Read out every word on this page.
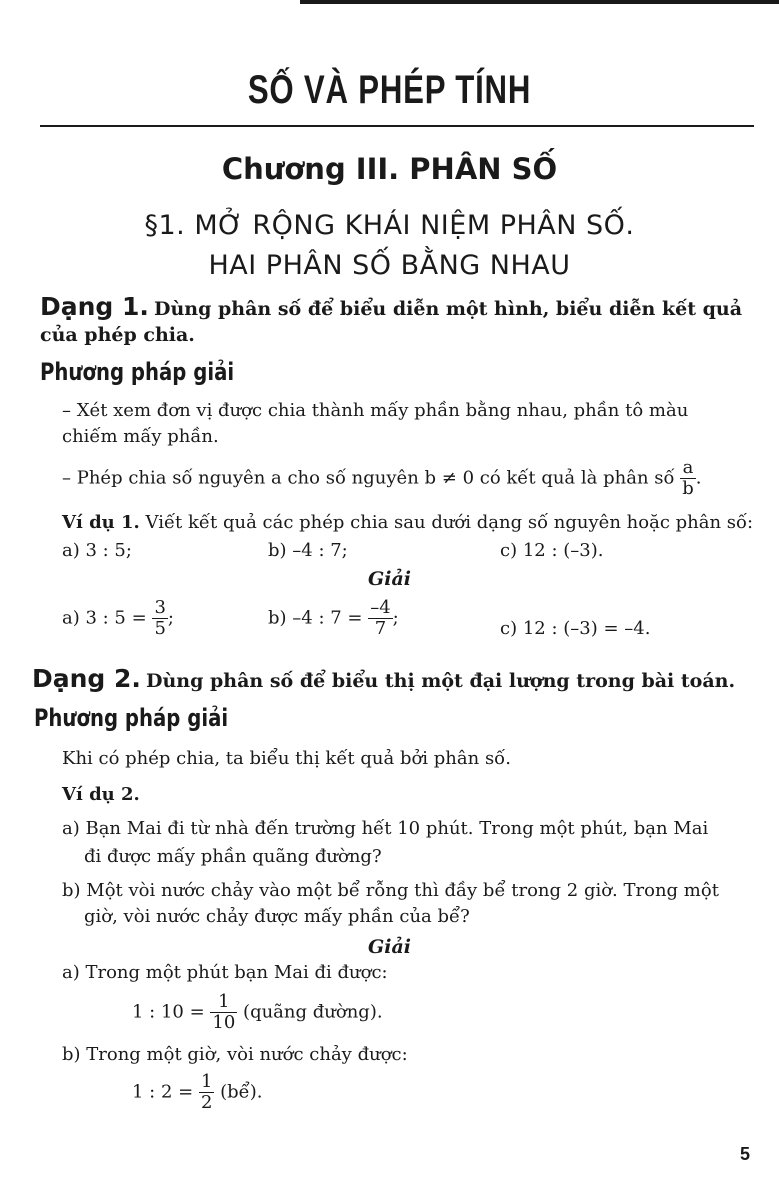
SỐ VÀ PHÉP TÍNH
Chương III. PHÂN SỐ
§1. MỞ RỘNG KHÁI NIỆM PHÂN SỐ.
HAI PHÂN SỐ BẰNG NHAU
Dạng 1. Dùng phân số để biểu diễn một hình, biểu diễn kết quả
của phép chia.
Phương pháp giải
– Xét xem đơn vị được chia thành mấy phần bằng nhau, phần tô màu
chiếm mấy phần.
– Phép chia số nguyên a cho số nguyên b ≠ 0 có kết quả là phân số $\frac{a}{b}$ .
Ví dụ 1. Viết kết quả các phép chia sau dưới dạng số nguyên hoặc phân số:
a) 3 : 5;	b) –4 : 7;	c) 12 : (–3).
Giải
a) 3 : $5 = \frac{3}{5}$ ;	b) –4 : $7 = \frac{-4}{7}$ ;
c) 12 : (–3) = –4.
Dạng 2. Dùng phân số để biểu thị một đại lượng trong bài toán.
Phương pháp giải
Khi có phép chia, ta biểu thị kết quả bởi phân số.
Ví dụ 2.
a) Bạn Mai đi từ nhà đến trường hết 10 phút. Trong một phút, bạn Mai
đi được mấy phần quãng đường?
b) Một vòi nước chảy vào một bể rỗng thì đầy bể trong 2 giờ. Trong một
giờ, vòi nước chảy được mấy phần của bể?
Giải
a) Trong một phút bạn Mai đi được:
1 : $10 = \frac{1}{10}$ (quãng đường).
b) Trong một giờ, vòi nước chảy được:
1 : $2 = \frac{1}{2}$ (bể).
5
